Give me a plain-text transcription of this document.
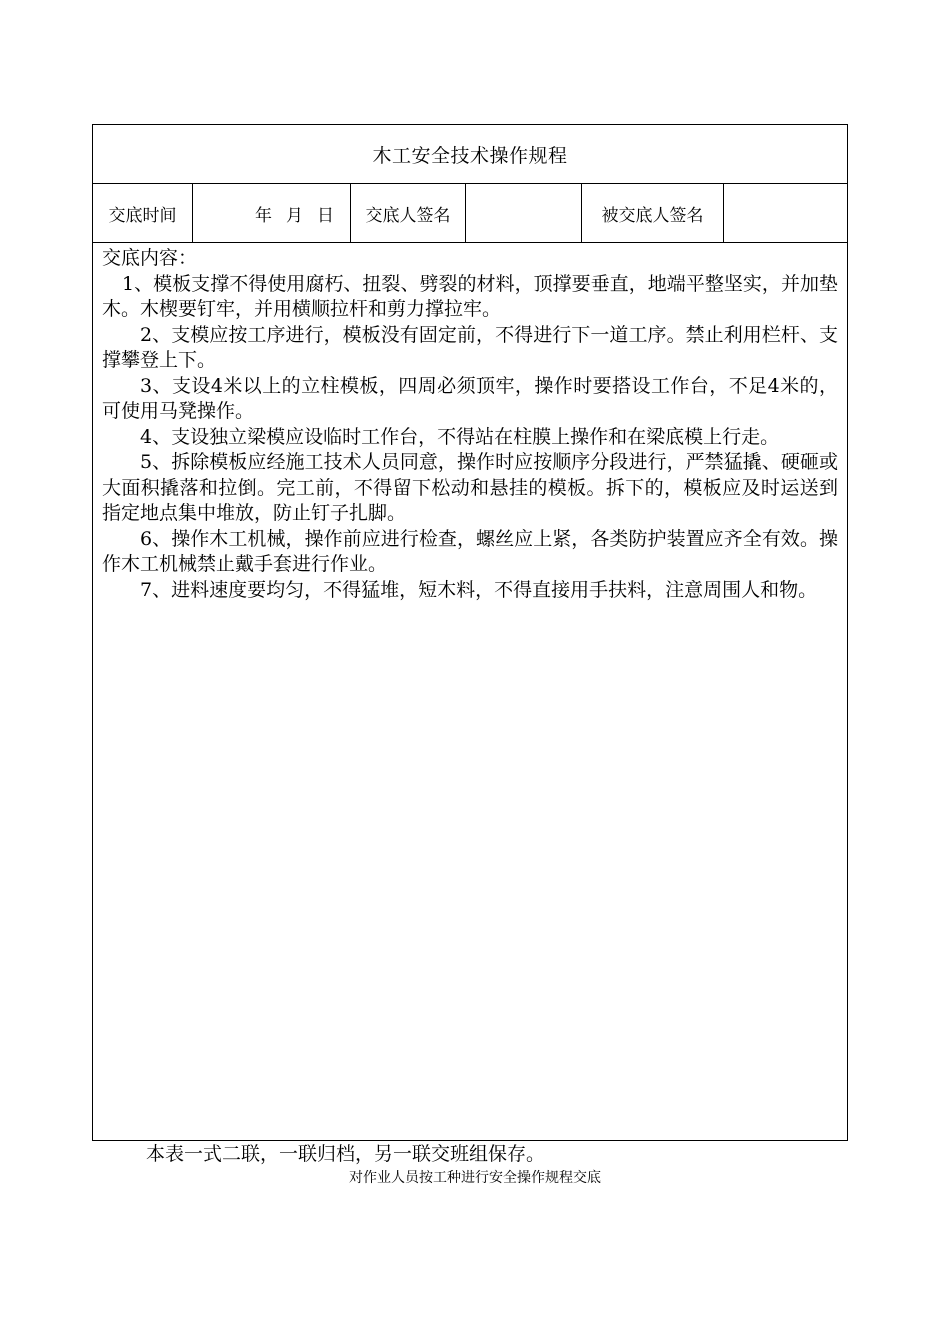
木工安全技术操作规程
交底时间	年 月 日	交底人签名	被交底人签名

交底内容：

1、模板支撑不得使用腐朽、扭裂、劈裂的材料，顶撑要垂直，地端平整坚实，并加垫木。木楔要钉牢，并用横顺拉杆和剪力撑拉牢。

2、支模应按工序进行，模板没有固定前，不得进行下一道工序。禁止利用栏杆、支撑攀登上下。

3、支设4米以上的立柱模板，四周必须顶牢，操作时要搭设工作台，不足4米的，可使用马凳操作。

4、支设独立梁模应设临时工作台，不得站在柱膜上操作和在梁底模上行走。

5、拆除模板应经施工技术人员同意，操作时应按顺序分段进行，严禁猛撬、硬砸或大面积撬落和拉倒。完工前，不得留下松动和悬挂的模板。拆下的，模板应及时运送到指定地点集中堆放，防止钉子扎脚。

6、操作木工机械，操作前应进行检查，螺丝应上紧，各类防护装置应齐全有效。操作木工机械禁止戴手套进行作业。

7、进料速度要均匀，不得猛堆，短木料，不得直接用手扶料，注意周围人和物。

本表一式二联，一联归档，另一联交班组保存。
对作业人员按工种进行安全操作规程交底
